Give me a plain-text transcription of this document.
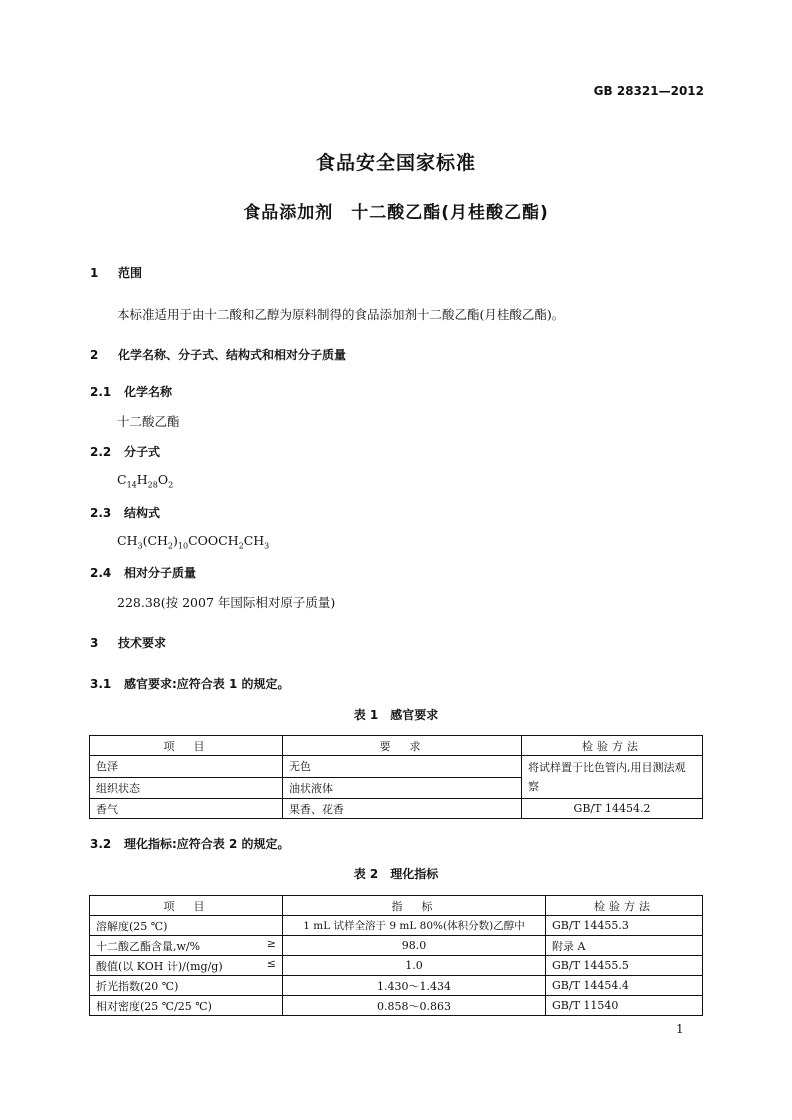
GB 28321—2012
食品安全国家标准
食品添加剂　十二酸乙酯(月桂酸乙酯)
1 范围
本标准适用于由十二酸和乙醇为原料制得的食品添加剂十二酸乙酯(月桂酸乙酯)。
2 化学名称、分子式、结构式和相对分子质量
2.1 化学名称
十二酸乙酯
2.2 分子式
$C_{14}H_{28}O_2$
2.3 结构式
$CH_3(CH_2)_{10}COOCH_2CH_3$
2.4 相对分子质量
228.38(按 2007 年国际相对原子质量)
3 技术要求
3.1 感官要求:应符合表 1 的规定。
表 1　感官要求
项　目	要　求	检验方法
色泽	无色	将试样置于比色管内,用目测法观察
组织状态	油状液体	
香气	果香、花香	GB/T 14454.2
3.2 理化指标:应符合表 2 的规定。
表 2　理化指标
项　目	指　标	检验方法
溶解度(25 ℃)	1 mL 试样全溶于 9 mL 80%(体积分数)乙醇中	GB/T 14455.3
十二酸乙酯含量,w/% ≥	98.0	附录 A
酸值(以 KOH 计)/(mg/g) ≤	1.0	GB/T 14455.5
折光指数(20 ℃)	1.430～1.434	GB/T 14454.4
相对密度(25 ℃/25 ℃)	0.858～0.863	GB/T 11540
1
